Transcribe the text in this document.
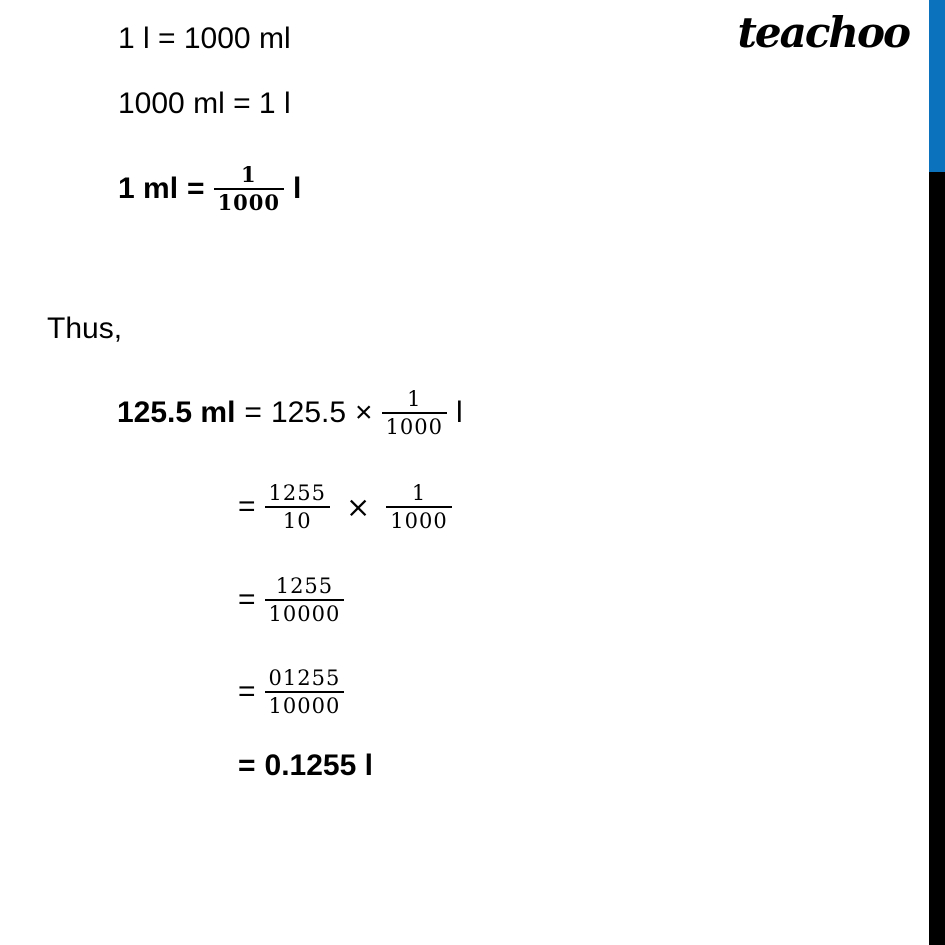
teachoo
1 l = 1000 ml
1000 ml = 1 l
1 ml = $\frac{1}{1000}$ l
Thus,
125.5 ml = $125.5 \times \frac{1}{1000}$ l
= $\frac{1255}{10} \times \frac{1}{1000}$
= $\frac{1255}{10000}$
= $\frac{01255}{10000}$
= 0.1255 l
